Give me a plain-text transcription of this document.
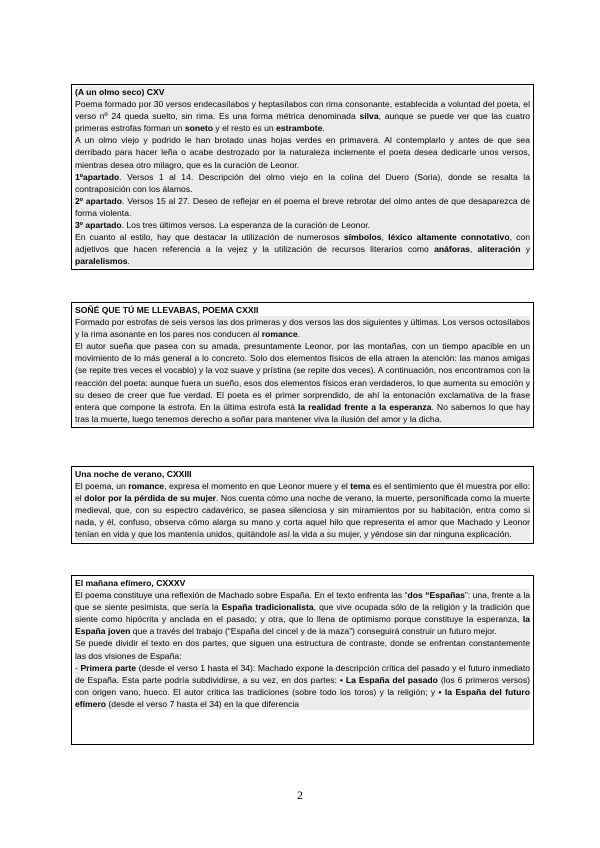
(A un olmo seco) CXV

Poema formado por 30 versos endecasílabos y heptasílabos con rima consonante, establecida a voluntad del poeta, el verso nº 24 queda suelto, sin rima. Es una forma métrica denominada silva, aunque se puede ver que las cuatro primeras estrofas forman un soneto y el resto es un estrambote.

A un olmo viejo y podrido le han brotado unas hojas verdes en primavera. Al contemplarlo y antes de que sea derribado para hacer leña o acabe destrozado por la naturaleza inclemente el poeta desea dedicarle unos versos, mientras desea otro milagro, que es la curación de Leonor.

1ºapartado. Versos 1 al 14. Descripción del olmo viejo en la colina del Duero (Soria), donde se resalta la contraposición con los álamos.

2º apartado. Versos 15 al 27. Deseo de reflejar en el poema el breve rebrotar del olmo antes de que desaparezca de forma violenta.

3º apartado. Los tres últimos versos. La esperanza de la curación de Leonor.

En cuanto al estilo, hay que destacar la utilización de numerosos símbolos, léxico altamente connotativo, con adjetivos que hacen referencia a la vejez y la utilización de recursos literarios como anáforas, aliteración y paralelismos.

SOÑÉ QUE TÚ ME LLEVABAS, POEMA CXXII

Formado por estrofas de seis versos las dos primeras y dos versos las dos siguientes y últimas. Los versos octosílabos y la rima asonante en los pares nos conducen al romance.

El autor sueña que pasea con su amada, presuntamente Leonor, por las montañas, con un tiempo apacible en un movimiento de lo más general a lo concreto. Solo dos elementos físicos de ella atraen la atención: las manos amigas (se repite tres veces el vocablo) y la voz suave y prístina (se repite dos veces). A continuación, nos encontramos con la reacción del poeta: aunque fuera un sueño, esos dos elementos físicos eran verdaderos, lo que aumenta su emoción y su deseo de creer que fue verdad. El poeta es el primer sorprendido, de ahí la entonación exclamativa de la frase entera que compone la estrofa. En la última estrofa está la realidad frente a la esperanza. No sabemos lo que hay tras la muerte, luego tenemos derecho a soñar para mantener viva la ilusión del amor y la dicha.

Una noche de verano, CXXIII

El poema, un romance, expresa el momento en que Leonor muere y el tema es el sentimiento que él muestra por ello: el dolor por la pérdida de su mujer. Nos cuenta cómo una noche de verano, la muerte, personificada como la muerte medieval, que, con su espectro cadavérico, se pasea silenciosa y sin miramientos por su habitación, entra como si nada, y él, confuso, observa cómo alarga su mano y corta aquel hilo que representa el amor que Machado y Leonor tenían en vida y que los mantenía unidos, quitándole así la vida a su mujer, y yéndose sin dar ninguna explicación.

El mañana efímero, CXXXV

El poema constituye una reflexión de Machado sobre España. En el texto enfrenta las “dos “Españas”: una, frente a la que se siente pesimista, que sería la España tradicionalista, que vive ocupada sólo de la religión y la tradición que siente como hipócrita y anclada en el pasado; y otra, que lo llena de optimismo porque constituye la esperanza, la España joven que a través del trabajo (“España del cincel y de la maza”) conseguirá construir un futuro mejor.

Se puede dividir el texto en dos partes, que siguen una estructura de contraste, donde se enfrentan constantemente las dos visiones de España:

- Primera parte (desde el verso 1 hasta el 34): Machado expone la descripción crítica del pasado y el futuro inmediato de España. Esta parte podría subdividirse, a su vez, en dos partes: • La España del pasado (los 6 primeros versos) con origen vano, hueco. El autor critica las tradiciones (sobre todo los toros) y la religión; y • la España del futuro efímero (desde el verso 7 hasta el 34) en la que diferencia

2
